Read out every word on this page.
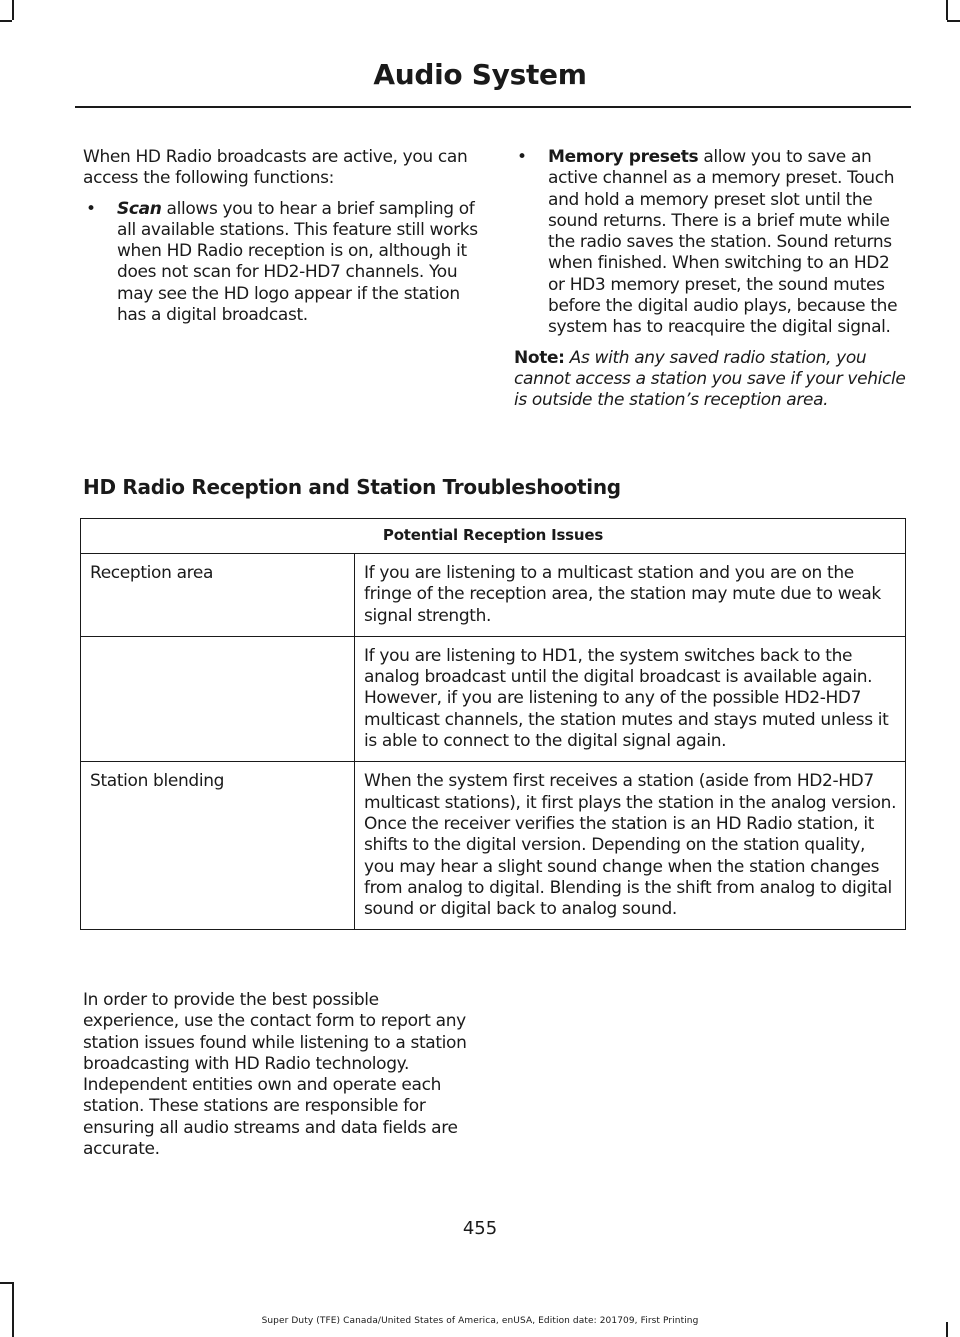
Audio System

When HD Radio broadcasts are active, you can access the following functions:

• Scan allows you to hear a brief sampling of all available stations. This feature still works when HD Radio reception is on, although it does not scan for HD2-HD7 channels. You may see the HD logo appear if the station has a digital broadcast.
• Memory presets allow you to save an active channel as a memory preset. Touch and hold a memory preset slot until the sound returns. There is a brief mute while the radio saves the station. Sound returns when finished. When switching to an HD2 or HD3 memory preset, the sound mutes before the digital audio plays, because the system has to reacquire the digital signal.

Note: As with any saved radio station, you cannot access a station you save if your vehicle is outside the station’s reception area.

HD Radio Reception and Station Troubleshooting
Potential Reception Issues	
Reception area	If you are listening to a multicast station and you are on the fringe of the reception area, the station may mute due to weak signal strength.
	If you are listening to HD1, the system switches back to the analog broadcast until the digital broadcast is available again. However, if you are listening to any of the possible HD2-HD7 multicast channels, the station mutes and stays muted unless it is able to connect to the digital signal again.
Station blending	When the system first receives a station (aside from HD2-HD7 multicast stations), it first plays the station in the analog version. Once the receiver verifies the station is an HD Radio station, it shifts to the digital version. Depending on the station quality, you may hear a slight sound change when the station changes from analog to digital. Blending is the shift from analog to digital sound or digital back to analog sound.

In order to provide the best possible experience, use the contact form to report any station issues found while listening to a station broadcasting with HD Radio technology. Independent entities own and operate each station. These stations are responsible for ensuring all audio streams and data fields are accurate.

455
Super Duty (TFE) Canada/United States of America, enUSA, Edition date: 201709, First Printing
